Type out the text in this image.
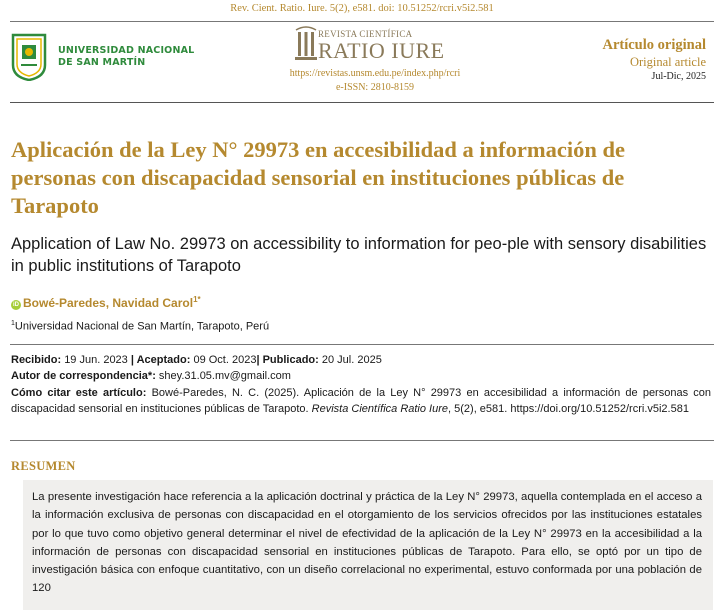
Rev. Cient. Ratio. Iure. 5(2), e581. doi: 10.51252/rcri.v5i2.581
UNIVERSIDAD NACIONAL
DE SAN MARTÍN
REVISTA CIENTÍFICA
RATIO IURE
https://revistas.unsm.edu.pe/index.php/rcri
e-ISSN: 2810-8159
Artículo original
Original article
Jul-Dic, 2025
Aplicación de la Ley N° 29973 en accesibilidad a información de personas con discapacidad sensorial en instituciones públicas de Tarapoto
Application of Law No. 29973 on accessibility to information for peo-ple with sensory disabilities in public institutions of Tarapoto
iD Bowé-Paredes, Navidad Carol$^{1*}$
$^1$Universidad Nacional de San Martín, Tarapoto, Perú
Recibido: 19 Jun. 2023 | Aceptado: 09 Oct. 2023| Publicado: 20 Jul. 2025
Autor de correspondencia*: shey.31.05.mv@gmail.com
Cómo citar este artículo: Bowé-Paredes, N. C. (2025). Aplicación de la Ley N° 29973 en accesibilidad a información de personas con discapacidad sensorial en instituciones públicas de Tarapoto. Revista Científica Ratio Iure, 5(2), e581. https://doi.org/10.51252/rcri.v5i2.581
RESUMEN

La presente investigación hace referencia a la aplicación doctrinal y práctica de la Ley N° 29973, aquella contemplada en el acceso a la información exclusiva de personas con discapacidad en el otorgamiento de los servicios ofrecidos por las instituciones estatales por lo que tuvo como objetivo general determinar el nivel de efectividad de la aplicación de la Ley N° 29973 en la accesibilidad a la información de personas con discapacidad sensorial en instituciones públicas de Tarapoto. Para ello, se optó por un tipo de investigación básica con enfoque cuantitativo, con un diseño correlacional no experimental, estuvo conformada por una población de 120
